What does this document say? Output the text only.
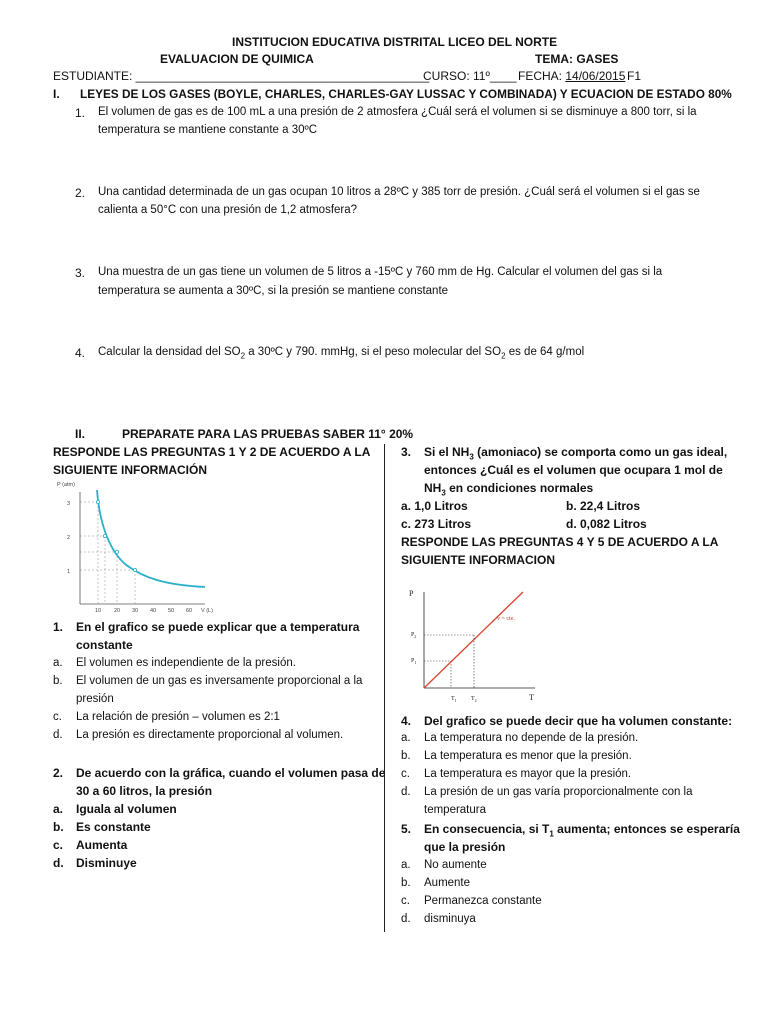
INSTITUCION EDUCATIVA DISTRITAL LICEO DEL NORTE
EVALUACION DE QUIMICA	TEMA: GASES
ESTUDIANTE: ____________________________________________
CURSO: 11º____ FECHA: 14/06/2015 F1
I. LEYES DE LOS GASES (BOYLE, CHARLES, CHARLES-GAY LUSSAC Y COMBINADA) Y ECUACION DE ESTADO 80%
1. El volumen de gas es de 100 mL a una presión de 2 atmosfera ¿Cuál será el volumen si se disminuye a 800 torr, si la
temperatura se mantiene constante a 30ºC
2. Una cantidad determinada de un gas ocupan 10 litros a 28ºC y 385 torr de presión. ¿Cuál será el volumen si el gas se
calienta a 50°C con una presión de 1,2 atmosfera?
3. Una muestra de un gas tiene un volumen de 5 litros a -15ºC y 760 mm de Hg. Calcular el volumen del gas si la
temperatura se aumenta a 30ºC, si la presión se mantiene constante
4. Calcular la densidad del $SO_2$ a 30ºC y 790. mmHg, si el peso molecular del $SO_2$ es de 64 g/mol
II.	PREPARATE PARA LAS PRUEBAS SABER 11° 20%
RESPONDE LAS PREGUNTAS 1 Y 2 DE ACUERDO A LA
SIGUIENTE INFORMACIÓN
P (atm)
V (L)
1
2
3
10 20 30 40 50 60
1. En el grafico se puede explicar que a temperatura
constante
a. El volumen es independiente de la presión.
b. El volumen de un gas es inversamente proporcional a la
presión
c. La relación de presión – volumen es 2:1
d. La presión es directamente proporcional al volumen.
2. De acuerdo con la gráfica, cuando el volumen pasa de
30 a 60 litros, la presión
a. Iguala al volumen
b. Es constante
c. Aumenta
d. Disminuye
3. Si el $NH_3$ (amoniaco) se comporta como un gas ideal,
entonces ¿Cuál es el volumen que ocupara 1 mol de
$NH_3$ en condiciones normales
a. 1,0 Litros	b. 22,4 Litros
c. 273 Litros	d. 0,082 Litros
RESPONDE LAS PREGUNTAS 4 Y 5 DE ACUERDO A LA
SIGUIENTE INFORMACION
P
T
v = cte.
$P_2$
$P_1$
$T_1$ $T_2$
4. Del grafico se puede decir que ha volumen constante:
a. La temperatura no depende de la presión.
b. La temperatura es menor que la presión.
c. La temperatura es mayor que la presión.
d. La presión de un gas varía proporcionalmente con la
temperatura
5. En consecuencia, si $T_1$ aumenta; entonces se esperaría
que la presión
a. No aumente
b. Aumente
c. Permanezca constante
d. disminuya
